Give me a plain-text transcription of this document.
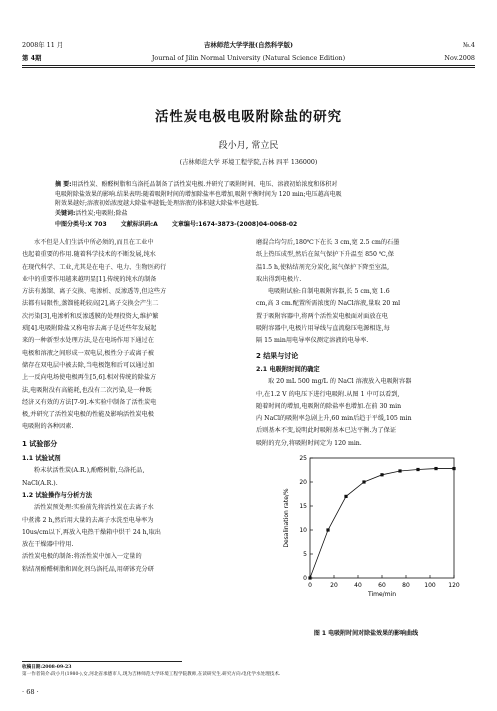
2008年 11 月
第 4期
吉林师范大学学报(自然科学版)
Journal of Jilin Normal University (Natural Science Edition)
№.4
Nov.2008
活性炭电极电吸附除盐的研究
段小月, 常立民
(吉林师范大学 环境工程学院,吉林 四平 136000)
摘 要:用活性炭、酚醛树脂和乌洛托品制备了活性炭电极.并研究了吸附时间、电压、溶液初始浓度和体积对
电吸附除盐效果的影响.结果表明:随着吸附时间的增加除盐率也增加,吸附平衡时间为 120 min;电压越高电吸
附效果越好;溶液初始浓度越大除盐率越低;处理溶液的体积越大除盐率也越低.
关键词:活性炭;电吸附;除盐
中图分类号:X 703 文献标识码:A 文章编号:1674-3873-(2008)04-0068-02
水不但是人们生活中所必须的,而且在工业中
也起着重要的作用.随着科学技术的不断发展,纯水
在现代科学、工业,尤其是在电子、电力、生物医药行
业中的重要作用越来越明显[1].传统的纯水的制备
方法有蒸馏、离子交换、电渗析、反渗透等,但这些方
法都有局限性,蒸馏能耗较高[2],离子交换会产生二
次污染[3],电渗析和反渗透膜的处理投资大,维护繁
琐[4].电吸附除盐又称电容去离子是近些年发展起
来的一种新型水处理方法,是在电场作用下通过在
电极和溶液之间形成一双电层,极性分子或离子被
储存在双电层中被去除,当电极饱和后可以通过加
上一反向电场使电极再生[5,6].相对传统的除盐方
法,电吸附没有高能耗,也没有二次污染,是一种既
经济又有效的方法[7-9].本实验中制备了活性炭电
极,并研究了活性炭电极的性能及影响活性炭电极
电吸附的各种因素.
1 试验部分
1.1 试验试剂
粉末状活性炭(A.R.),酚醛树脂,乌洛托品,
NaCl(A.R.).
1.2 试验操作与分析方法
活性炭预处理:实验前先将活性炭在去离子水
中煮沸 2 h,然后用大量的去离子水洗至电导率为
10us/cm以下,再放入电热干燥箱中烘干 24 h,取出
放在干燥器中待用.
活性炭电极的制备:将活性炭中加入一定量的
粘结剂酚醛树脂和固化剂乌洛托品,用研钵充分研
磨混合均匀后,180℃下在长 3 cm,宽 2.5 cm的石墨
纸上热压成型,然后在氮气保护下升温至 850 ℃,保
温1.5 h,使粘结剂充分炭化,氮气保护下降至室温,
取出得到电极片.
电吸附试验:自制电吸附容器,长 5 cm,宽 1.6
cm,高 3 cm.配置所需浓度的 NaCl溶液,量取 20 ml
置于吸附容器中,将两个活性炭电极面对面放在电
吸附容器中,电极片用导线与直流稳压电源相连,每
隔 15 min用电导率仪测定溶液的电导率.
2 结果与讨论
2.1 电吸附时间的确定
取 20 mL 500 mg/L 的 NaCl 溶液放入电吸附容器
中,在1.2 V 的电压下进行电吸附.从图 1 中可以看到,
随着时间的增加,电吸附的除盐率也增加.在前 30 min
内 NaCl的吸附率急剧上升,60 min后趋于平缓,105 min
后则基本不变,说明此时吸附基本已达平衡.为了保证
吸附的充分,将吸附时间定为 120 min.
0	20	40	60	80 100 120
0
5
10
15
20
25
Time/min
Desalination rate/%
图 1 电吸附时间对除盐效果的影响曲线
收稿日期:2008-09-23
第一作者简介:段小月(1980-),女,河北省承德市人,现为吉林师范大学环境工程学院教师,在读研究生.研究方向:电化学水处理技术.
· 68 ·
